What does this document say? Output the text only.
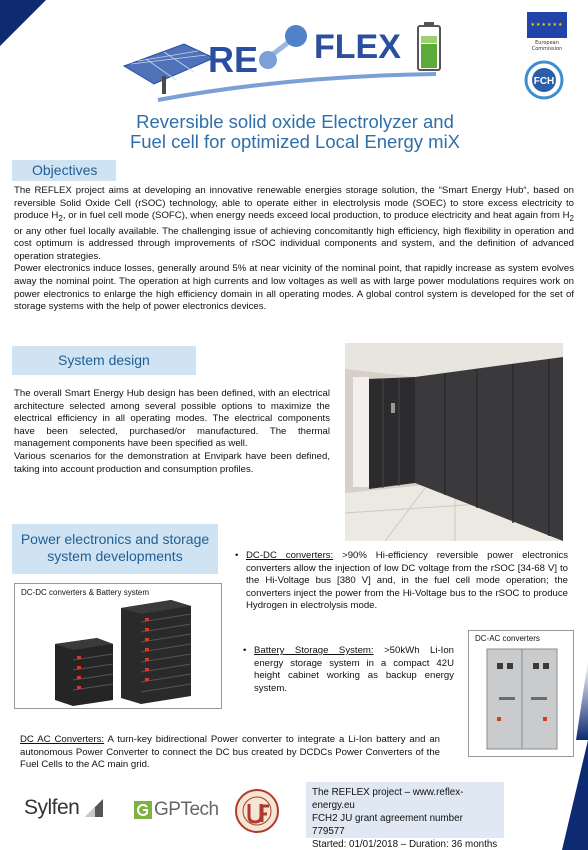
RE FLEX
★★★★★★
European Commission
FCH
Reversible solid oxide Electrolyzer and
Fuel cell for optimized Local Energy miX
Objectives

The REFLEX project aims at developing an innovative renewable energies storage solution, the “Smart Energy Hub“, based on reversible Solid Oxide Cell (rSOC) technology, able to operate either in electrolysis mode (SOEC) to store excess electricity to produce $H_2$, or in fuel cell mode (SOFC), when energy needs exceed local production, to produce electricity and heat again from $H_2$ or any other fuel locally available. The challenging issue of achieving concomitantly high efficiency, high flexibility in operation and cost optimum is addressed through improvements of rSOC individual components and system, and the definition of advanced operation strategies.

Power electronics induce losses, generally around 5% at near vicinity of the nominal point, that rapidly increase as system evolves away the nominal point. The operation at high currents and low voltages as well as with large power modulations requires work on power electronics to enlarge the high efficiency domain in all operating modes. A global control system is developed for the set of storage systems with the help of power electronics devices.

System design

The overall Smart Energy Hub design has been defined, with an electrical architecture selected among several possible options to maximize the electrical efficiency in all operating modes. The electrical components have been selected, purchased/or manufactured. The thermal management components have been specified as well.

Various scenarios for the demonstration at Envipark have been defined, taking into account production and consumption profiles.

Power electronics and storage
system developments
DC-DC converters & Battery system
• DC-DC converters: >90% Hi-efficiency reversible power electronics converters allow the injection of low DC voltage from the rSOC [34-68 V] to the Hi-Voltage bus [380 V] and, in the fuel cell mode operation; the converters inject the power from the Hi-Voltage bus to the rSOC to produce Hydrogen in electrolysis mode.
• Battery Storage System: >50kWh Li-Ion energy storage system in a compact 42U height cabinet working as backup energy system.
DC-AC converters
DC AC Converters: A turn-key bidirectional Power converter to integrate a Li-Ion battery and an autonomous Power Converter to connect the DC bus created by DCDCs Power Converters of the Fuel Cells to the AC main grid.
Sylfen	GPTech
The REFLEX project – www.reflex-energy.eu
FCH2 JU grant agreement number 779577
Started: 01/01/2018 – Duration: 36 months
